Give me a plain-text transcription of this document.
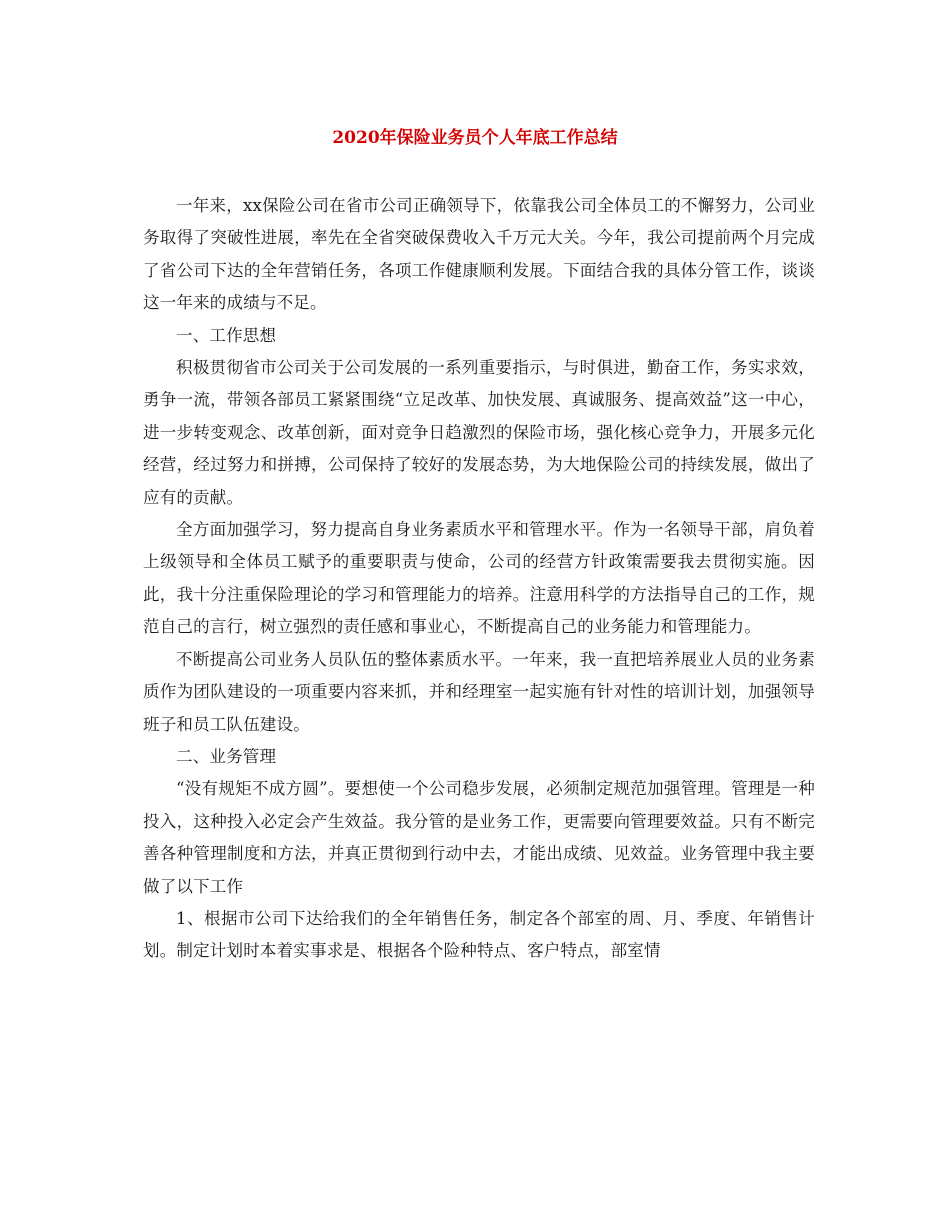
2020年保险业务员个人年底工作总结

一年来，xx保险公司在省市公司正确领导下，依靠我公司全体员工的不懈努力，公司业务取得了突破性进展，率先在全省突破保费收入千万元大关。今年，我公司提前两个月完成了省公司下达的全年营销任务，各项工作健康顺利发展。下面结合我的具体分管工作，谈谈这一年来的成绩与不足。

一、工作思想

积极贯彻省市公司关于公司发展的一系列重要指示，与时俱进，勤奋工作，务实求效，勇争一流，带领各部员工紧紧围绕“立足改革、加快发展、真诚服务、提高效益”这一中心，进一步转变观念、改革创新，面对竞争日趋激烈的保险市场，强化核心竞争力，开展多元化经营，经过努力和拼搏，公司保持了较好的发展态势，为大地保险公司的持续发展，做出了应有的贡献。

全方面加强学习，努力提高自身业务素质水平和管理水平。作为一名领导干部，肩负着上级领导和全体员工赋予的重要职责与使命，公司的经营方针政策需要我去贯彻实施。因此，我十分注重保险理论的学习和管理能力的培养。注意用科学的方法指导自己的工作，规范自己的言行，树立强烈的责任感和事业心，不断提高自己的业务能力和管理能力。

不断提高公司业务人员队伍的整体素质水平。一年来，我一直把培养展业人员的业务素质作为团队建设的一项重要内容来抓，并和经理室一起实施有针对性的培训计划，加强领导班子和员工队伍建设。

二、业务管理

“没有规矩不成方圆”。要想使一个公司稳步发展，必须制定规范加强管理。管理是一种投入，这种投入必定会产生效益。我分管的是业务工作，更需要向管理要效益。只有不断完善各种管理制度和方法，并真正贯彻到行动中去，才能出成绩、见效益。业务管理中我主要做了以下工作

1、根据市公司下达给我们的全年销售任务，制定各个部室的周、月、季度、年销售计划。制定计划时本着实事求是、根据各个险种特点、客户特点，部室情
